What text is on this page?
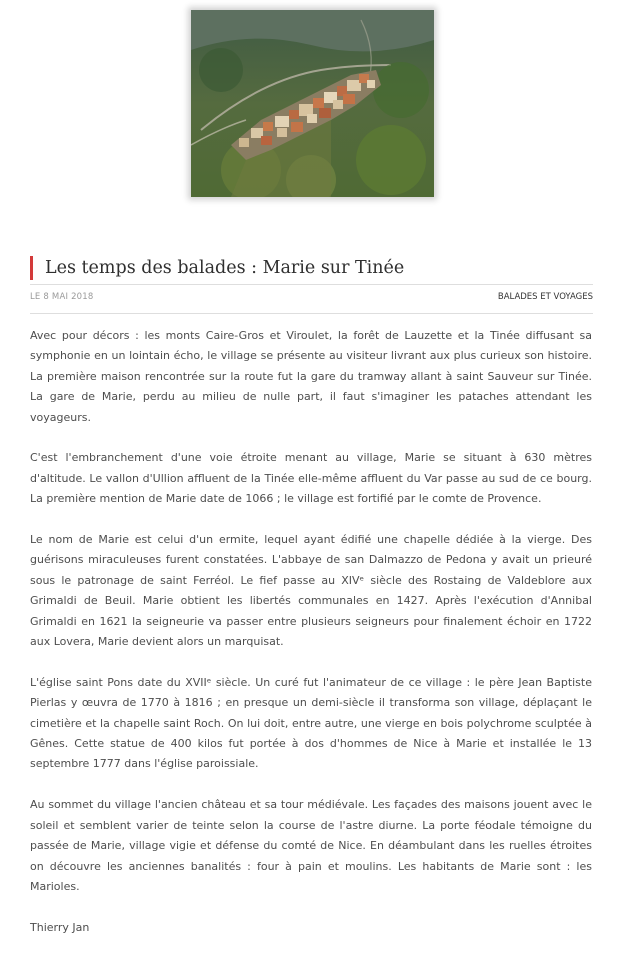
Les temps des balades : Marie sur Tinée
LE 8 MAI 2018	BALADES ET VOYAGES

Avec pour décors : les monts Caire-Gros et Viroulet, la forêt de Lauzette et la Tinée diffusant sa symphonie en un lointain écho, le village se présente au visiteur livrant aux plus curieux son histoire. La première maison rencontrée sur la route fut la gare du tramway allant à saint Sauveur sur Tinée. La gare de Marie, perdu au milieu de nulle part, il faut s'imaginer les pataches attendant les voyageurs.

C'est l'embranchement d'une voie étroite menant au village, Marie se situant à 630 mètres d'altitude. Le vallon d'Ullion affluent de la Tinée elle-même affluent du Var passe au sud de ce bourg. La première mention de Marie date de 1066 ; le village est fortifié par le comte de Provence.

Le nom de Marie est celui d'un ermite, lequel ayant édifié une chapelle dédiée à la vierge. Des guérisons miraculeuses furent constatées. L'abbaye de san Dalmazzo de Pedona y avait un prieuré sous le patronage de saint Ferréol. Le fief passe au XIVᵉ siècle des Rostaing de Valdeblore aux Grimaldi de Beuil. Marie obtient les libertés communales en 1427. Après l'exécution d'Annibal Grimaldi en 1621 la seigneurie va passer entre plusieurs seigneurs pour finalement échoir en 1722 aux Lovera, Marie devient alors un marquisat.

L'église saint Pons date du XVIIᵉ siècle. Un curé fut l'animateur de ce village : le père Jean Baptiste Pierlas y œuvra de 1770 à 1816 ; en presque un demi-siècle il transforma son village, déplaçant le cimetière et la chapelle saint Roch. On lui doit, entre autre, une vierge en bois polychrome sculptée à Gênes. Cette statue de 400 kilos fut portée à dos d'hommes de Nice à Marie et installée le 13 septembre 1777 dans l'église paroissiale.

Au sommet du village l'ancien château et sa tour médiévale. Les façades des maisons jouent avec le soleil et semblent varier de teinte selon la course de l'astre diurne. La porte féodale témoigne du passée de Marie, village vigie et défense du comté de Nice. En déambulant dans les ruelles étroites on découvre les anciennes banalités : four à pain et moulins. Les habitants de Marie sont : les Marioles.

Thierry Jan
